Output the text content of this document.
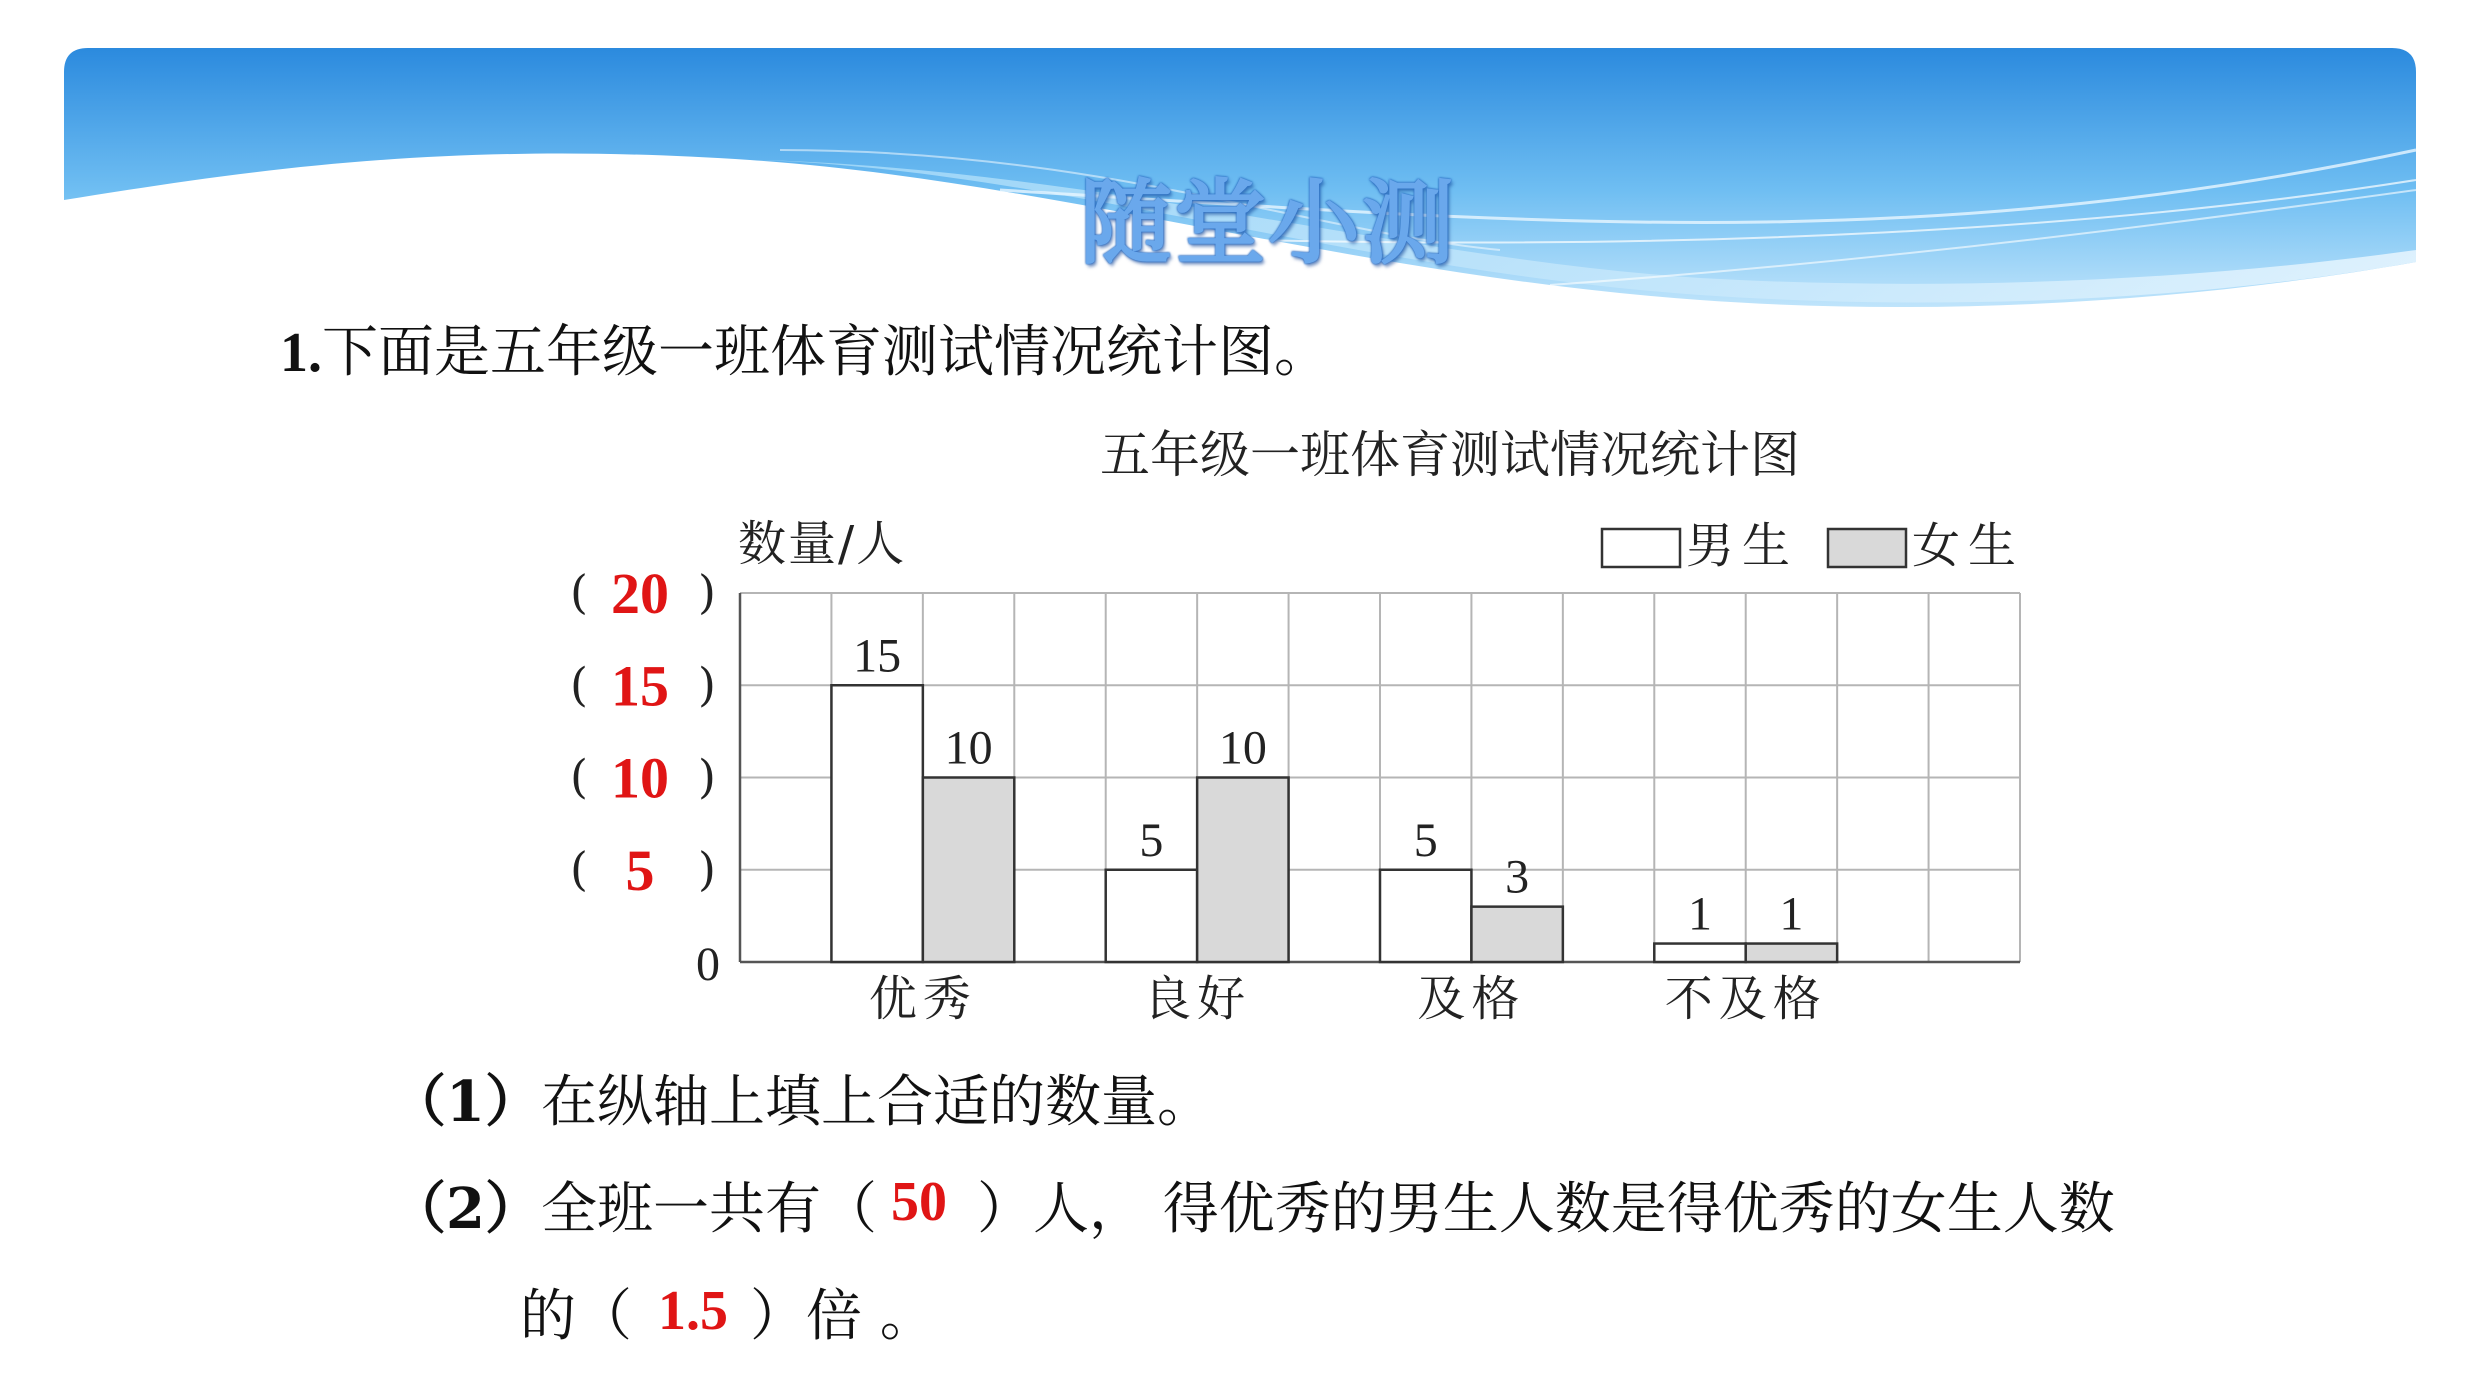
随堂小测
1.下面是五年级一班体育测试情况统计图。
五年级一班体育测试情况统计图
15
10
优秀
5
10
良好
5
3
及格
1 1
不及格
数量/人
0
( 5 )
( 10 )
( 15 )
( 20 )
男生 女生
（1）在纵轴上填上合适的数量。
（2）全班一共有（ 50 ）人， 得优秀的男生人数是得优秀的女生人数
的（ 1.5 ）倍 。
